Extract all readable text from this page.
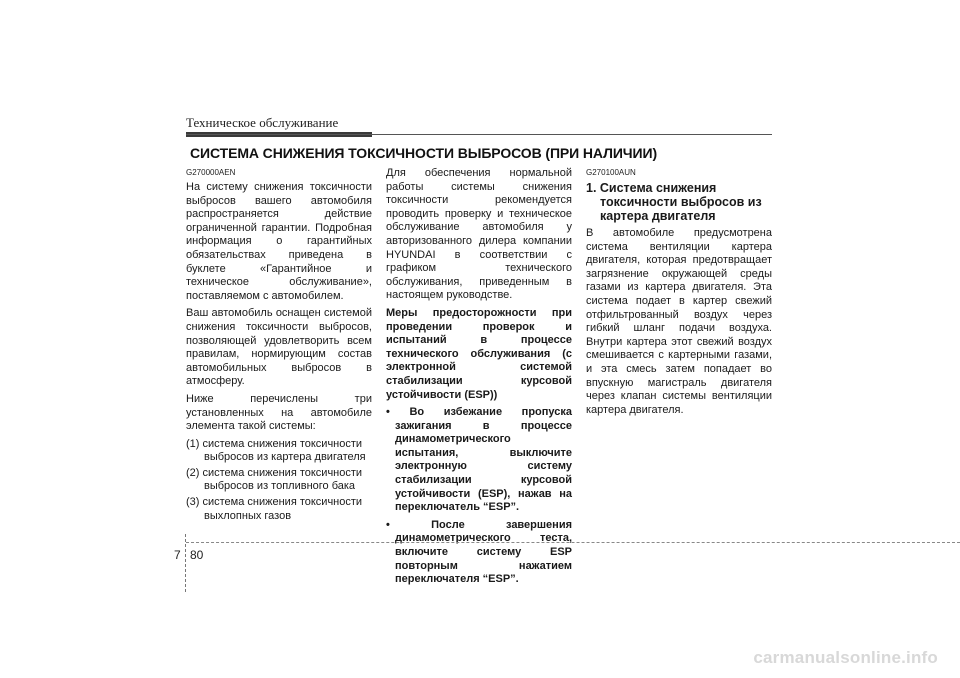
Техническое обслуживание
СИСТЕМА СНИЖЕНИЯ ТОКСИЧНОСТИ ВЫБРОСОВ (ПРИ НАЛИЧИИ)

G270000AEN

На систему снижения токсичности выбросов вашего автомобиля распространяется действие ограниченной гарантии. Подробная информация о гарантийных обязательствах приведена в буклете «Гарантийное и техническое обслуживание», поставляемом с автомобилем.

Ваш автомобиль оснащен системой снижения токсичности выбросов, позволяющей удовлетворить всем правилам, нормирующим состав автомобильных выбросов в атмосферу.

Ниже перечислены три установленных на автомобиле элемента такой системы:

(1) система снижения токсичности выбросов из картера двигателя
(2) система снижения токсичности выбросов из топливного бака
(3) система снижения токсичности выхлопных газов

Для обеспечения нормальной работы системы снижения токсичности рекомендуется проводить проверку и техническое обслуживание автомобиля у авторизованного дилера компании HYUNDAI в соответствии с графиком технического обслуживания, приведенным в настоящем руководстве.

Меры предосторожности при проведении проверок и испытаний в процессе технического обслуживания (с электронной системой стабилизации курсовой устойчивости (ESP))

• Во избежание пропуска зажигания в процессе динамометрического испытания, выключите электронную систему стабилизации курсовой устойчивости (ESP), нажав на переключатель “ESP”.
• После завершения динамометрического теста, включите систему ESP повторным нажатием переключателя “ESP”.

G270100AUN

1. Система снижения токсичности выбросов из картера двигателя

В автомобиле предусмотрена система вентиляции картера двигателя, которая предотвращает загрязнение окружающей среды газами из картера двигателя. Эта система подает в картер свежий отфильтрованный воздух через гибкий шланг подачи воздуха. Внутри картера этот свежий воздух смешивается с картерными газами, и эта смесь затем попадает во впускную магистраль двигателя через клапан системы вентиляции картера двигателя.

7 80
carmanualsonline.info
